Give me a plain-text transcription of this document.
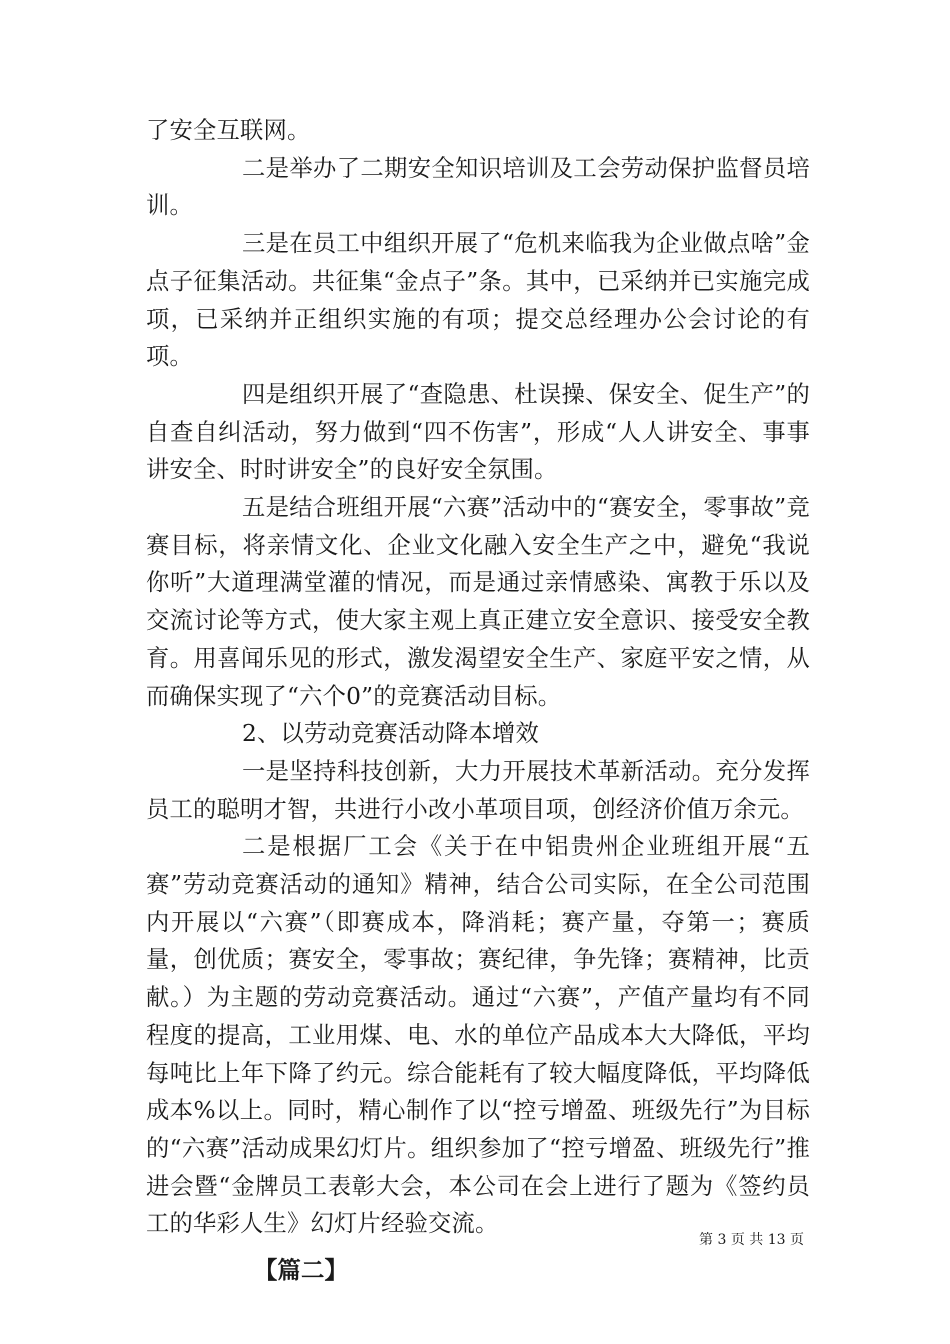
了安全互联网。

二是举办了二期安全知识培训及工会劳动保护监督员培训。

三是在员工中组织开展了“危机来临我为企业做点啥”金点子征集活动。共征集“金点子”条。其中，已采纳并已实施完成项，已采纳并正组织实施的有项；提交总经理办公会讨论的有项。

四是组织开展了“查隐患、杜误操、保安全、促生产”的自查自纠活动，努力做到“四不伤害”，形成“人人讲安全、事事讲安全、时时讲安全”的良好安全氛围。

五是结合班组开展“六赛”活动中的“赛安全，零事故”竞赛目标，将亲情文化、企业文化融入安全生产之中，避免“我说你听”大道理满堂灌的情况，而是通过亲情感染、寓教于乐以及交流讨论等方式，使大家主观上真正建立安全意识、接受安全教育。用喜闻乐见的形式，激发渴望安全生产、家庭平安之情，从而确保实现了“六个0”的竞赛活动目标。

2、以劳动竞赛活动降本增效

一是坚持科技创新，大力开展技术革新活动。充分发挥员工的聪明才智，共进行小改小革项目项，创经济价值万余元。

二是根据厂工会《关于在中铝贵州企业班组开展“五赛”劳动竞赛活动的通知》精神，结合公司实际，在全公司范围内开展以“六赛”（即赛成本，降消耗；赛产量，夺第一；赛质量，创优质；赛安全，零事故；赛纪律，争先锋；赛精神，比贡献。）为主题的劳动竞赛活动。通过“六赛”，产值产量均有不同程度的提高，工业用煤、电、水的单位产品成本大大降低，平均每吨比上年下降了约元。综合能耗有了较大幅度降低，平均降低成本%以上。同时，精心制作了以“控亏增盈、班级先行”为目标的“六赛”活动成果幻灯片。组织参加了“控亏增盈、班级先行”推进会暨“金牌员工表彰大会，本公司在会上进行了题为《签约员工的华彩人生》幻灯片经验交流。

【篇二】

第 3 页 共 13 页
